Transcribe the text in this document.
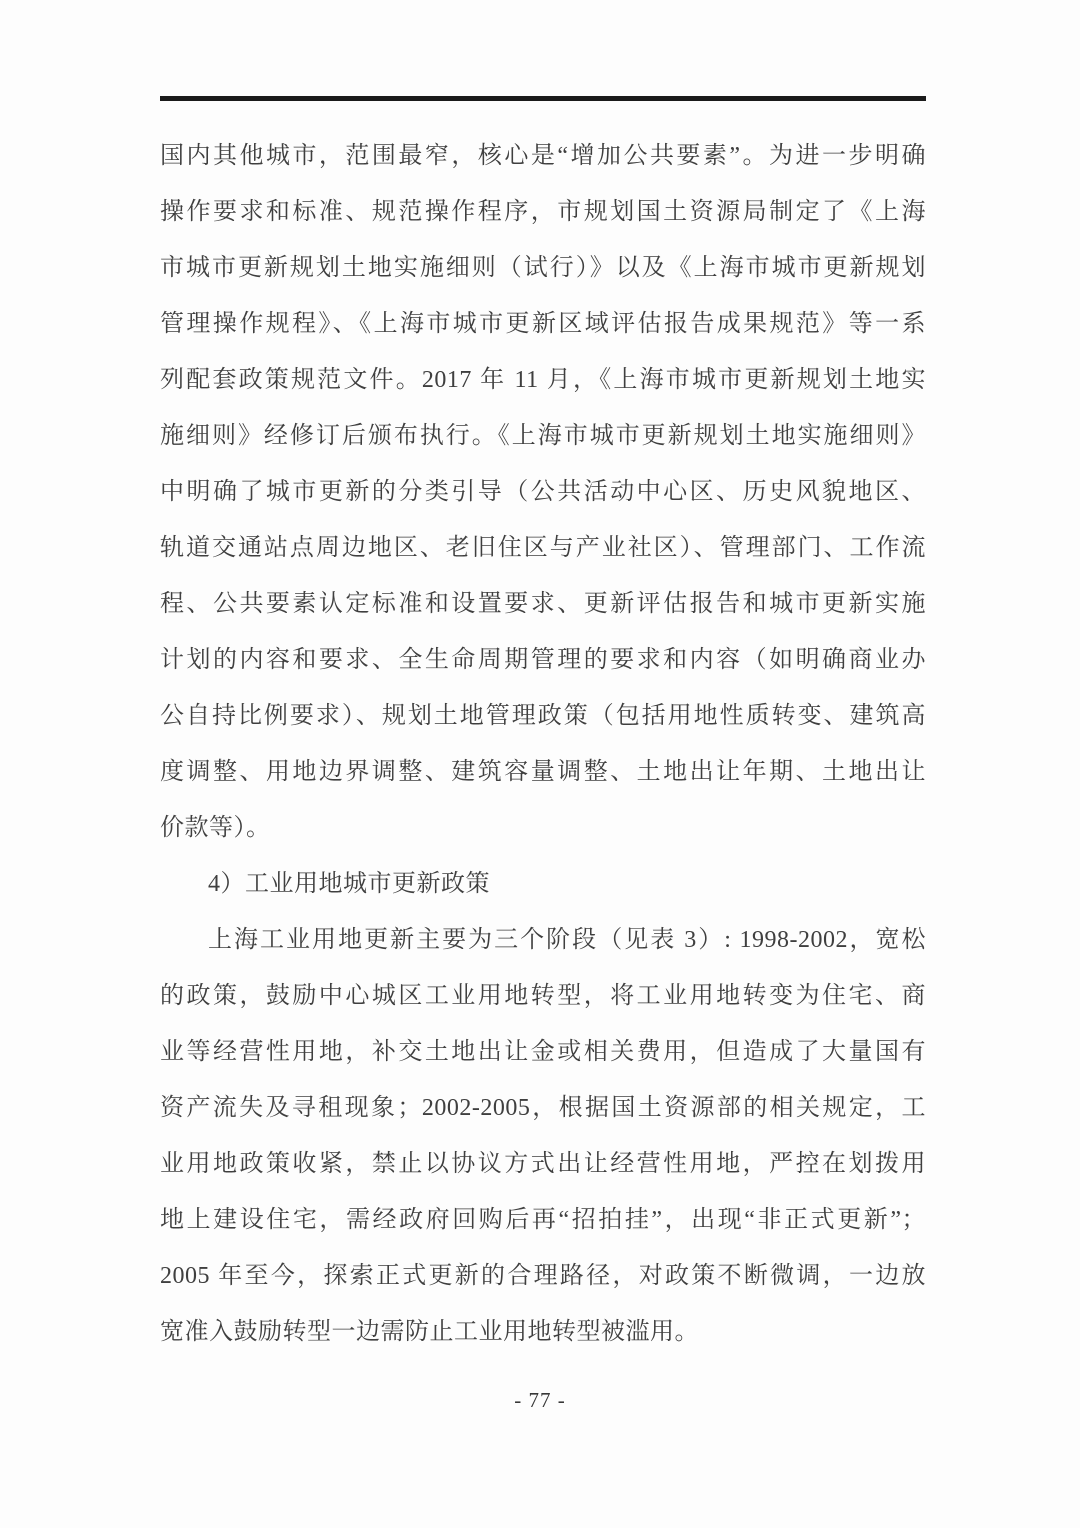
国内其他城市，范围最窄，核心是“增加公共要素”。为进一步明确
操作要求和标准、规范操作程序，市规划国土资源局制定了《上海
市城市更新规划土地实施细则（试行）》以及《上海市城市更新规划
管理操作规程》、《上海市城市更新区域评估报告成果规范》等一系
列配套政策规范文件。2017 年 11 月，《上海市城市更新规划土地实
施细则》经修订后颁布执行。《上海市城市更新规划土地实施细则》
中明确了城市更新的分类引导（公共活动中心区、历史风貌地区、
轨道交通站点周边地区、老旧住区与产业社区）、管理部门、工作流
程、公共要素认定标准和设置要求、更新评估报告和城市更新实施
计划的内容和要求、全生命周期管理的要求和内容（如明确商业办
公自持比例要求）、规划土地管理政策（包括用地性质转变、建筑高
度调整、用地边界调整、建筑容量调整、土地出让年期、土地出让
价款等）。
4）工业用地城市更新政策
上海工业用地更新主要为三个阶段（见表 3）: 1998-2002，宽松
的政策，鼓励中心城区工业用地转型，将工业用地转变为住宅、商
业等经营性用地，补交土地出让金或相关费用，但造成了大量国有
资产流失及寻租现象；2002-2005，根据国土资源部的相关规定，工
业用地政策收紧，禁止以协议方式出让经营性用地，严控在划拨用
地上建设住宅，需经政府回购后再“招拍挂”，出现“非正式更新”；
2005 年至今，探索正式更新的合理路径，对政策不断微调，一边放
宽准入鼓励转型一边需防止工业用地转型被滥用。
- 77 -
